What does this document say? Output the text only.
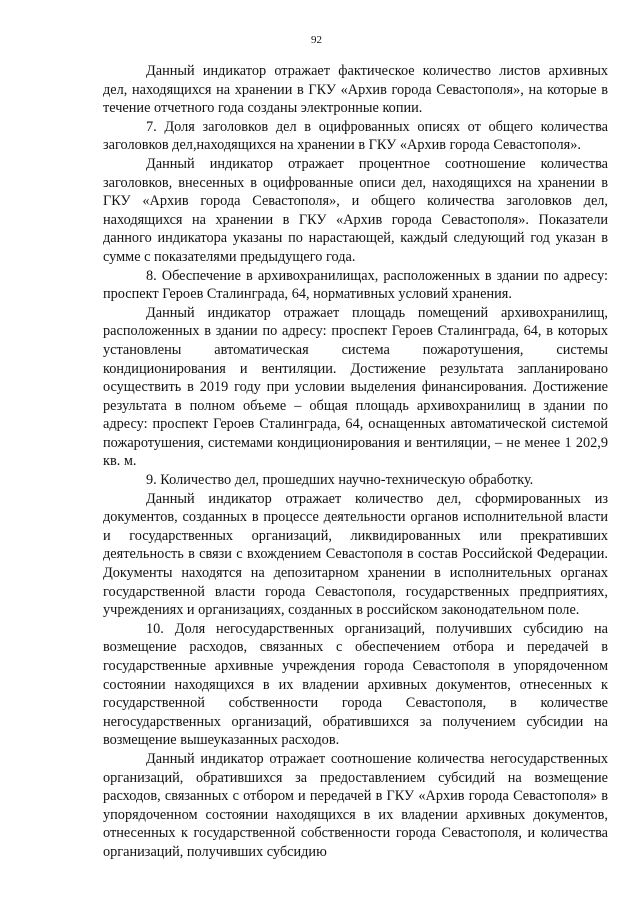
92

Данный индикатор отражает фактическое количество листов архивных дел, находящихся на хранении в ГКУ «Архив города Севастополя», на которые в течение отчетного года созданы электронные копии.

7. Доля заголовков дел в оцифрованных описях от общего количества заголовков дел,находящихся на хранении в ГКУ «Архив города Севастополя».

Данный индикатор отражает процентное соотношение количества заголовков, внесенных в оцифрованные описи дел, находящихся на хранении в ГКУ «Архив города Севастополя», и общего количества заголовков дел, находящихся на хранении в ГКУ «Архив города Севастополя». Показатели данного индикатора указаны по нарастающей, каждый следующий год указан в сумме с показателями предыдущего года.

8. Обеспечение в архивохранилищах, расположенных в здании по адресу: проспект Героев Сталинграда, 64, нормативных условий хранения.

Данный индикатор отражает площадь помещений архивохранилищ, расположенных в здании по адресу: проспект Героев Сталинграда, 64, в которых установлены автоматическая система пожаротушения, системы кондиционирования и вентиляции. Достижение результата запланировано осуществить в 2019 году при условии выделения финансирования. Достижение результата в полном объеме – общая площадь архивохранилищ в здании по адресу: проспект Героев Сталинграда, 64, оснащенных автоматической системой пожаротушения, системами кондиционирования и вентиляции, – не менее 1 202,9 кв. м.

9. Количество дел, прошедших научно-техническую обработку.

Данный индикатор отражает количество дел, сформированных из документов, созданных в процессе деятельности органов исполнительной власти и государственных организаций, ликвидированных или прекративших деятельность в связи с вхождением Севастополя в состав Российской Федерации. Документы находятся на депозитарном хранении в исполнительных органах государственной власти города Севастополя, государственных предприятиях, учреждениях и организациях, созданных в российском законодательном поле.

10. Доля негосударственных организаций, получивших субсидию на возмещение расходов, связанных с обеспечением отбора и передачей в государственные архивные учреждения города Севастополя в упорядоченном состоянии находящихся в их владении архивных документов, отнесенных к государственной собственности города Севастополя, в количестве негосударственных организаций, обратившихся за получением субсидии на возмещение вышеуказанных расходов.

Данный индикатор отражает соотношение количества негосударственных организаций, обратившихся за предоставлением субсидий на возмещение расходов, связанных с отбором и передачей в ГКУ «Архив города Севастополя» в упорядоченном состоянии находящихся в их владении архивных документов, отнесенных к государственной собственности города Севастополя, и количества организаций, получивших субсидию
